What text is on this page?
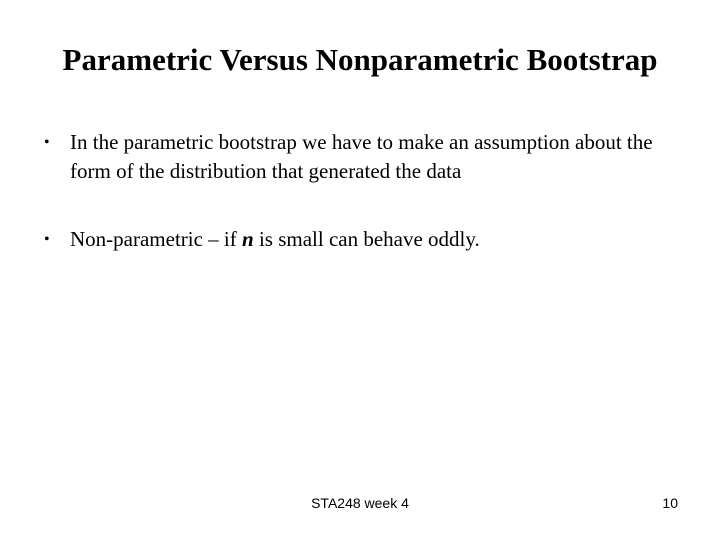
Parametric Versus Nonparametric Bootstrap
• In the parametric bootstrap we have to make an assumption about the form of the distribution that generated the data
• Non-parametric – if n is small can behave oddly.
STA248 week 4	10
